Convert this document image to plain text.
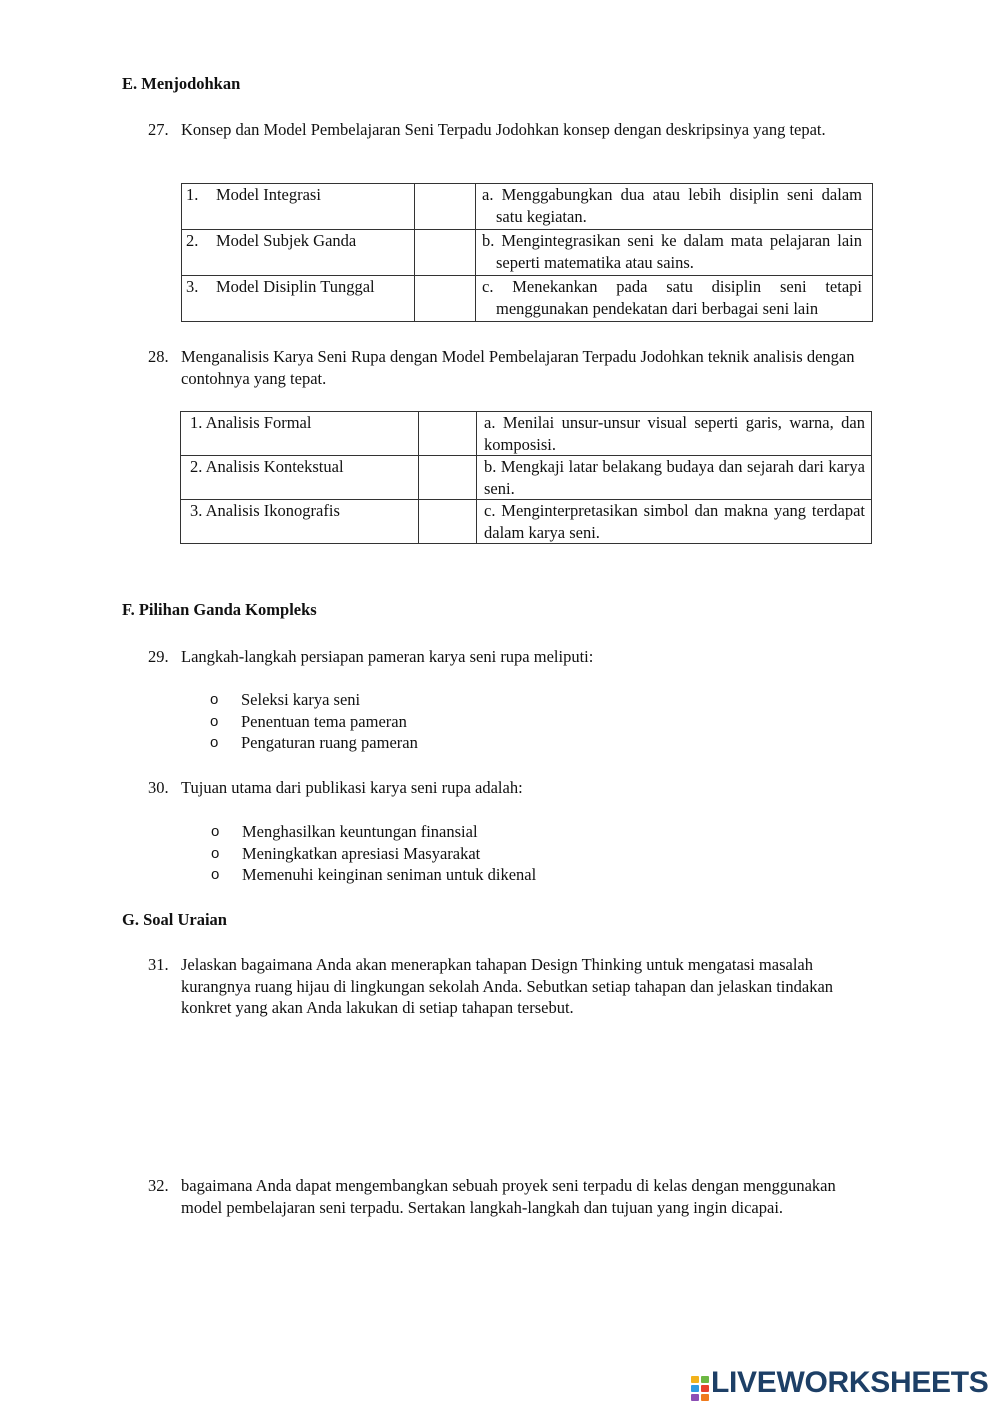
E. Menjodohkan
27. Konsep dan Model Pembelajaran Seni Terpadu Jodohkan konsep dengan deskripsinya yang tepat.
1. Model Integrasi		a. Menggabungkan dua atau lebih disiplin seni dalam satu kegiatan.

2. Model Subjek Ganda		b. Mengintegrasikan seni ke dalam mata pelajaran lain seperti matematika atau sains.

3. Model Disiplin Tunggal		c. Menekankan pada satu disiplin seni tetapi menggunakan pendekatan dari berbagai seni lain
28. Menganalisis Karya Seni Rupa dengan Model Pembelajaran Terpadu Jodohkan teknik analisis dengan contohnya yang tepat.
1. Analisis Formal		a. Menilai unsur-unsur visual seperti garis, warna, dan komposisi.
2. Analisis Kontekstual		b. Mengkaji latar belakang budaya dan sejarah dari karya seni.
3. Analisis Ikonografis		c. Menginterpretasikan simbol dan makna yang terdapat dalam karya seni.
F. Pilihan Ganda Kompleks
29. Langkah-langkah persiapan pameran karya seni rupa meliputi:
o Seleksi karya seni
o Penentuan tema pameran
o Pengaturan ruang pameran
30. Tujuan utama dari publikasi karya seni rupa adalah:
o Menghasilkan keuntungan finansial
o Meningkatkan apresiasi Masyarakat
o Memenuhi keinginan seniman untuk dikenal
G. Soal Uraian
31. Jelaskan bagaimana Anda akan menerapkan tahapan Design Thinking untuk mengatasi masalah kurangnya ruang hijau di lingkungan sekolah Anda. Sebutkan setiap tahapan dan jelaskan tindakan konkret yang akan Anda lakukan di setiap tahapan tersebut.
32. bagaimana Anda dapat mengembangkan sebuah proyek seni terpadu di kelas dengan menggunakan model pembelajaran seni terpadu. Sertakan langkah-langkah dan tujuan yang ingin dicapai.
LIVEWORKSHEETS
